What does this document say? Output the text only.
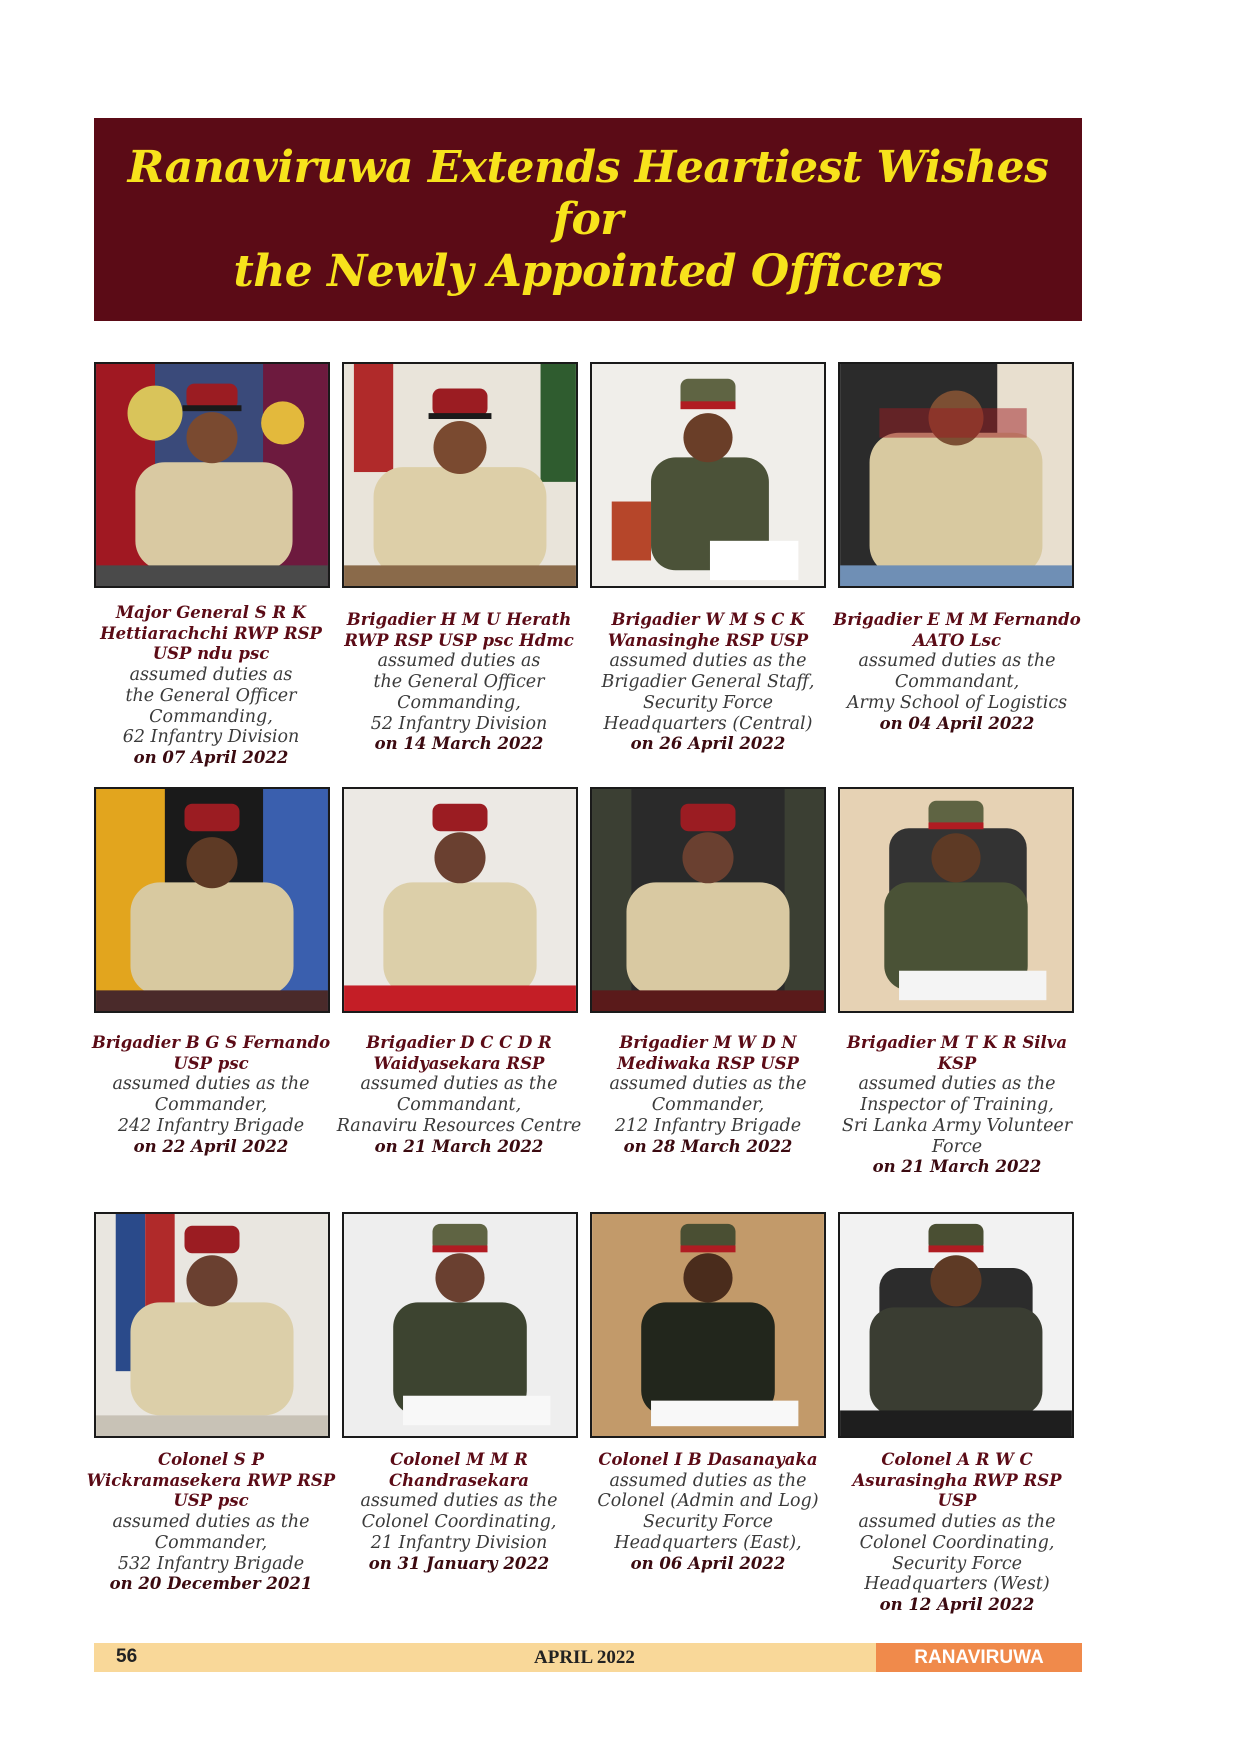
Ranaviruwa Extends Heartiest Wishes for
the Newly Appointed Officers
Major General S R K Hettiarachchi RWP RSP USP ndu psc
assumed duties as
the General Officer
Commanding,
62 Infantry Division
on 07 April 2022
Brigadier H M U Herath RWP RSP USP psc Hdmc
assumed duties as
the General Officer
Commanding,
52 Infantry Division
on 14 March 2022
Brigadier W M S C K Wanasinghe RSP USP
assumed duties as the
Brigadier General Staff,
Security Force
Headquarters (Central)
on 26 April 2022
Brigadier E M M Fernando AATO Lsc
assumed duties as the
Commandant,
Army School of Logistics
on 04 April 2022
Brigadier B G S Fernando USP psc
assumed duties as the
Commander,
242 Infantry Brigade
on 22 April 2022
Brigadier D C C D R Waidyasekara RSP
assumed duties as the
Commandant,
Ranaviru Resources Centre
on 21 March 2022
Brigadier M W D N Mediwaka RSP USP
assumed duties as the
Commander,
212 Infantry Brigade
on 28 March 2022
Brigadier M T K R Silva KSP
assumed duties as the
Inspector of Training,
Sri Lanka Army Volunteer
Force
on 21 March 2022
Colonel S P Wickramasekera RWP RSP USP psc
assumed duties as the
Commander,
532 Infantry Brigade
on 20 December 2021
Colonel M M R Chandrasekara
assumed duties as the
Colonel Coordinating,
21 Infantry Division
on 31 January 2022
Colonel I B Dasanayaka
assumed duties as the
Colonel (Admin and Log)
Security Force
Headquarters (East),
on 06 April 2022
Colonel A R W C Asurasingha RWP RSP USP
assumed duties as the
Colonel Coordinating,
Security Force
Headquarters (West)
on 12 April 2022
56	APRIL 2022	RANAVIRUWA
